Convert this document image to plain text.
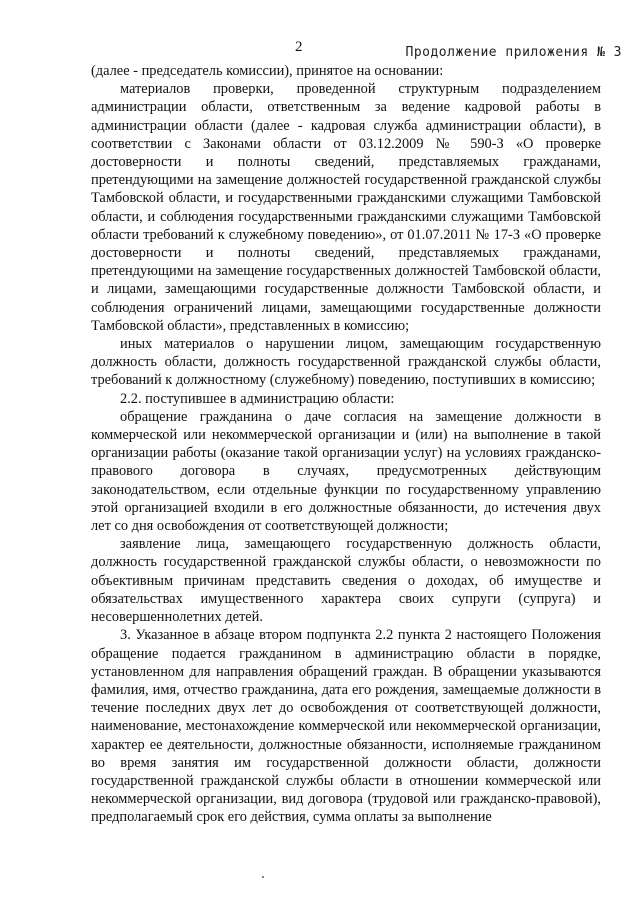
2	Продолжение приложения № 3

(далее - председатель комиссии), принятое на основании:

материалов проверки, проведенной структурным подразделением администрации области, ответственным за ведение кадровой работы в администрации области (далее - кадровая служба администрации области), в соответствии с Законами области от 03.12.2009 № 590-З «О проверке достоверности и полноты сведений, представляемых гражданами, претендующими на замещение должностей государственной гражданской службы Тамбовской области, и государственными гражданскими служащими Тамбовской области, и соблюдения государственными гражданскими служащими Тамбовской области требований к служебному поведению», от 01.07.2011 № 17-З «О проверке достоверности и полноты сведений, представляемых гражданами, претендующими на замещение государственных должностей Тамбовской области, и лицами, замещающими государственные должности Тамбовской области, и соблюдения ограничений лицами, замещающими государственные должности Тамбовской области», представленных в комиссию;

иных материалов о нарушении лицом, замещающим государственную должность области, должность государственной гражданской службы области, требований к должностному (служебному) поведению, поступивших в комиссию;

2.2. поступившее в администрацию области:

обращение гражданина о даче согласия на замещение должности в коммерческой или некоммерческой организации и (или) на выполнение в такой организации работы (оказание такой организации услуг) на условиях гражданско-правового договора в случаях, предусмотренных действующим законодательством, если отдельные функции по государственному управлению этой организацией входили в его должностные обязанности, до истечения двух лет со дня освобождения от соответствующей должности;

заявление лица, замещающего государственную должность области, должность государственной гражданской службы области, о невозможности по объективным причинам представить сведения о доходах, об имуществе и обязательствах имущественного характера своих супруги (супруга) и несовершеннолетних детей.

3. Указанное в абзаце втором подпункта 2.2 пункта 2 настоящего Положения обращение подается гражданином в администрацию области в порядке, установленном для направления обращений граждан. В обращении указываются фамилия, имя, отчество гражданина, дата его рождения, замещаемые должности в течение последних двух лет до освобождения от соответствующей должности, наименование, местонахождение коммерческой или некоммерческой организации, характер ее деятельности, должностные обязанности, исполняемые гражданином во время занятия им государственной должности области, должности государственной гражданской службы области в отношении коммерческой или некоммерческой организации, вид договора (трудовой или гражданско-правовой), предполагаемый срок его действия, сумма оплаты за выполнение
